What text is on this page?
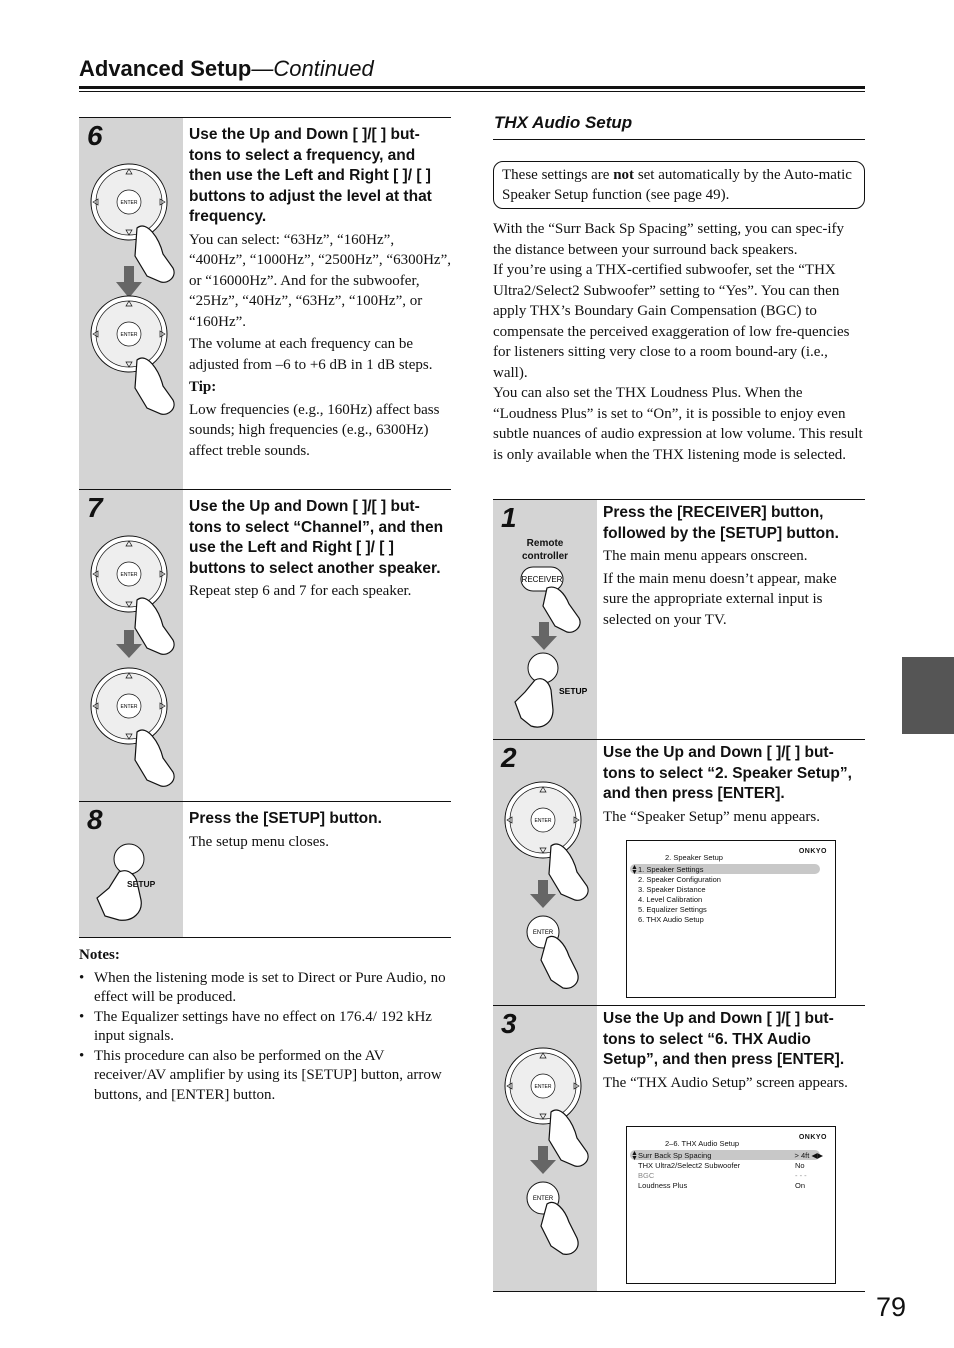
Advanced Setup—Continued
6
ENTER
ENTER

Use the Up and Down [ ]/[ ] but-tons to select a frequency, and then use the Left and Right [ ]/ [ ] buttons to adjust the level at that frequency.

You can select: “63Hz”, “160Hz”, “400Hz”, “1000Hz”, “2500Hz”, “6300Hz”, or “16000Hz”. And for the subwoofer, “25Hz”, “40Hz”, “63Hz”, “100Hz”, or “160Hz”.

The volume at each frequency can be adjusted from –6 to +6 dB in 1 dB steps.

Tip:

Low frequencies (e.g., 160Hz) affect bass sounds; high frequencies (e.g., 6300Hz) affect treble sounds.

7
ENTER
ENTER

Use the Up and Down [ ]/[ ] but-tons to select “Channel”, and then use the Left and Right [ ]/ [ ] buttons to select another speaker.

Repeat step 6 and 7 for each speaker.

8
SETUP

Press the [SETUP] button.

The setup menu closes.

Notes:
• When the listening mode is set to Direct or Pure Audio, no effect will be produced.
• The Equalizer settings have no effect on 176.4/ 192 kHz input signals.
• This procedure can also be performed on the AV receiver/AV amplifier by using its [SETUP] button, arrow buttons, and [ENTER] button.
THX Audio Setup
These settings are not set automatically by the Auto-matic Speaker Setup function (see page 49).

With the “Surr Back Sp Spacing” setting, you can spec-ify the distance between your surround back speakers.

If you’re using a THX-certified subwoofer, set the “THX Ultra2/Select2 Subwoofer” setting to “Yes”. You can then apply THX’s Boundary Gain Compensation (BGC) to compensate the perceived exaggeration of low fre-quencies for listeners sitting very close to a room bound-ary (i.e., wall).

You can also set the THX Loudness Plus. When the “Loudness Plus” is set to “On”, it is possible to enjoy even subtle nuances of audio expression at low volume. This result is only available when the THX listening mode is selected.

1
Remote controller
RECEIVER
SETUP

Press the [RECEIVER] button, followed by the [SETUP] button.

The main menu appears onscreen.

If the main menu doesn’t appear, make sure the appropriate external input is selected on your TV.

2
ENTER
ENTER

Use the Up and Down [ ]/[ ] but-tons to select “2. Speaker Setup”, and then press [ENTER].

The “Speaker Setup” menu appears.

ONKYO
2. Speaker Setup
▲
▼ 1. Speaker Settings
2. Speaker Configuration
3. Speaker Distance
4. Level Calibration
5. Equalizer Settings
6. THX Audio Setup
3
ENTER
ENTER

Use the Up and Down [ ]/[ ] but-tons to select “6. THX Audio Setup”, and then press [ENTER].

The “THX Audio Setup” screen appears.

ONKYO
2–6. THX Audio Setup
▲
▼ Surr Back Sp Spacing	> 4ft ◀▶
THX Ultra2/Select2 Subwoofer	No
BGC	- - -
Loudness Plus	On
79
